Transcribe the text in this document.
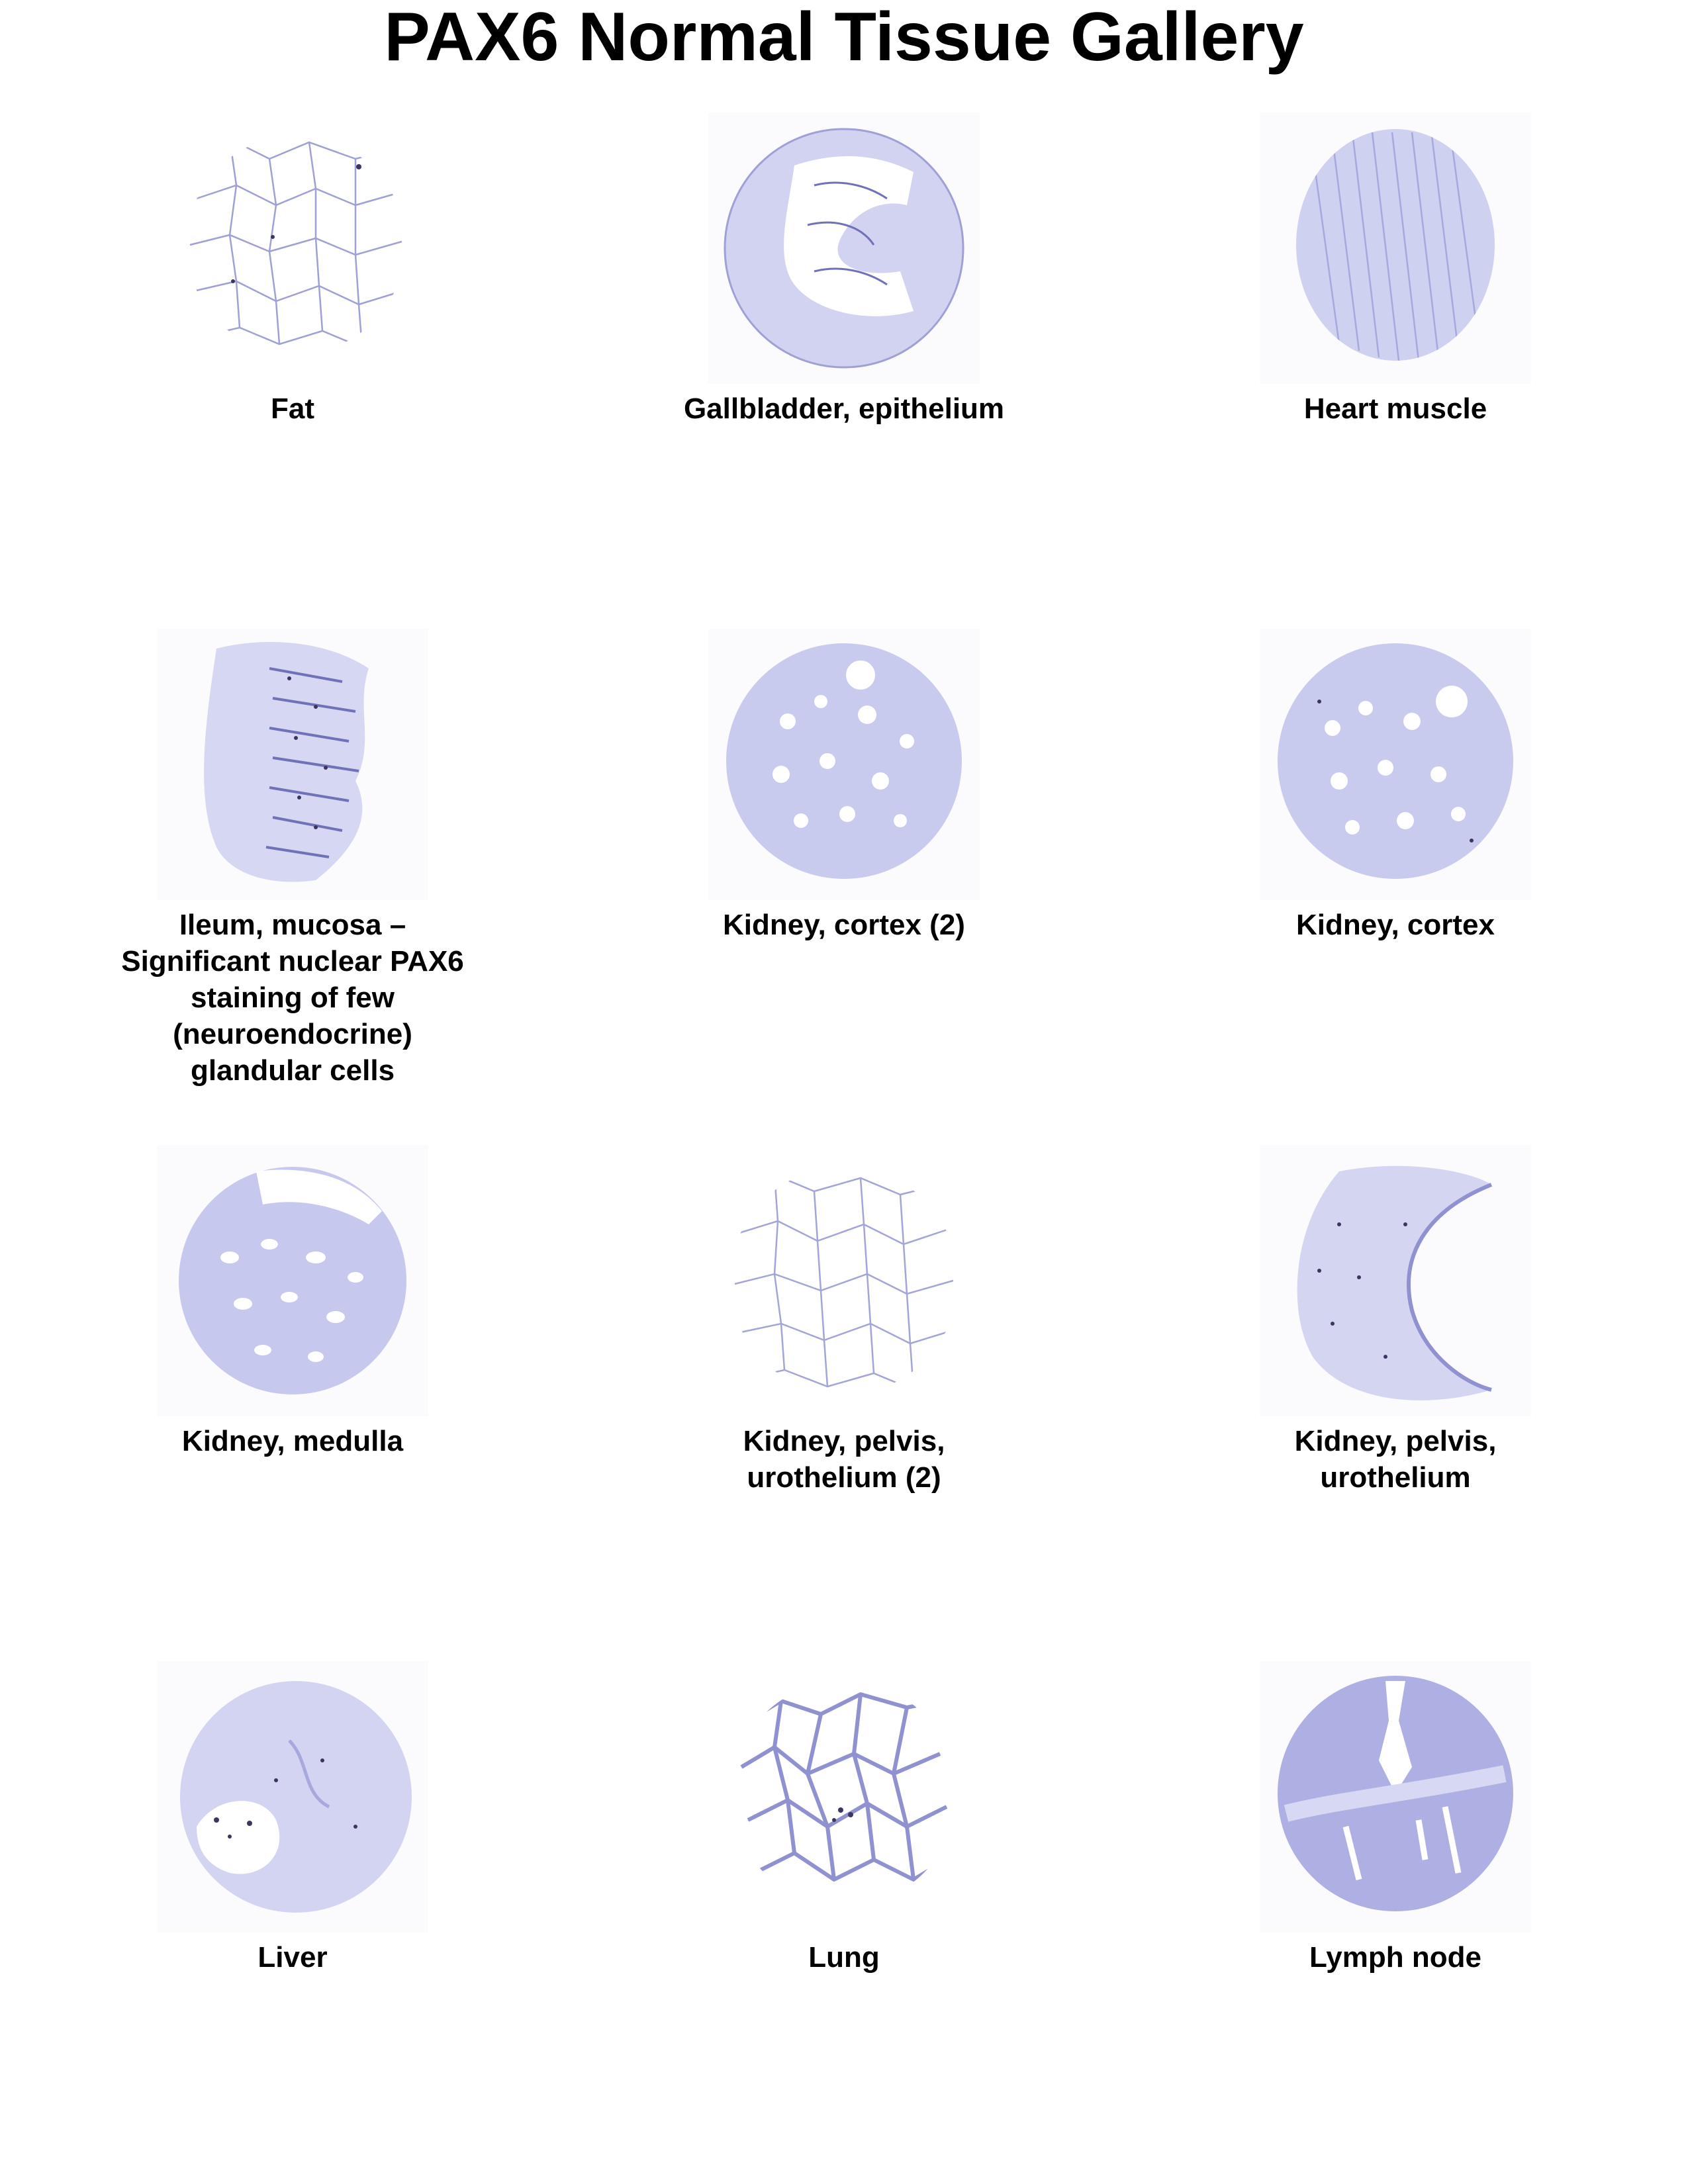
PAX6 Normal Tissue Gallery
Fat	Gallbladder, epithelium	Heart muscle
Ileum, mucosa –
Significant nuclear PAX6
staining of few
(neuroendocrine)
glandular cells
Kidney, cortex (2)	Kidney, cortex
Kidney, medulla	Kidney, pelvis,
urothelium (2)
Kidney, pelvis,
urothelium
Liver	Lung	Lymph node
